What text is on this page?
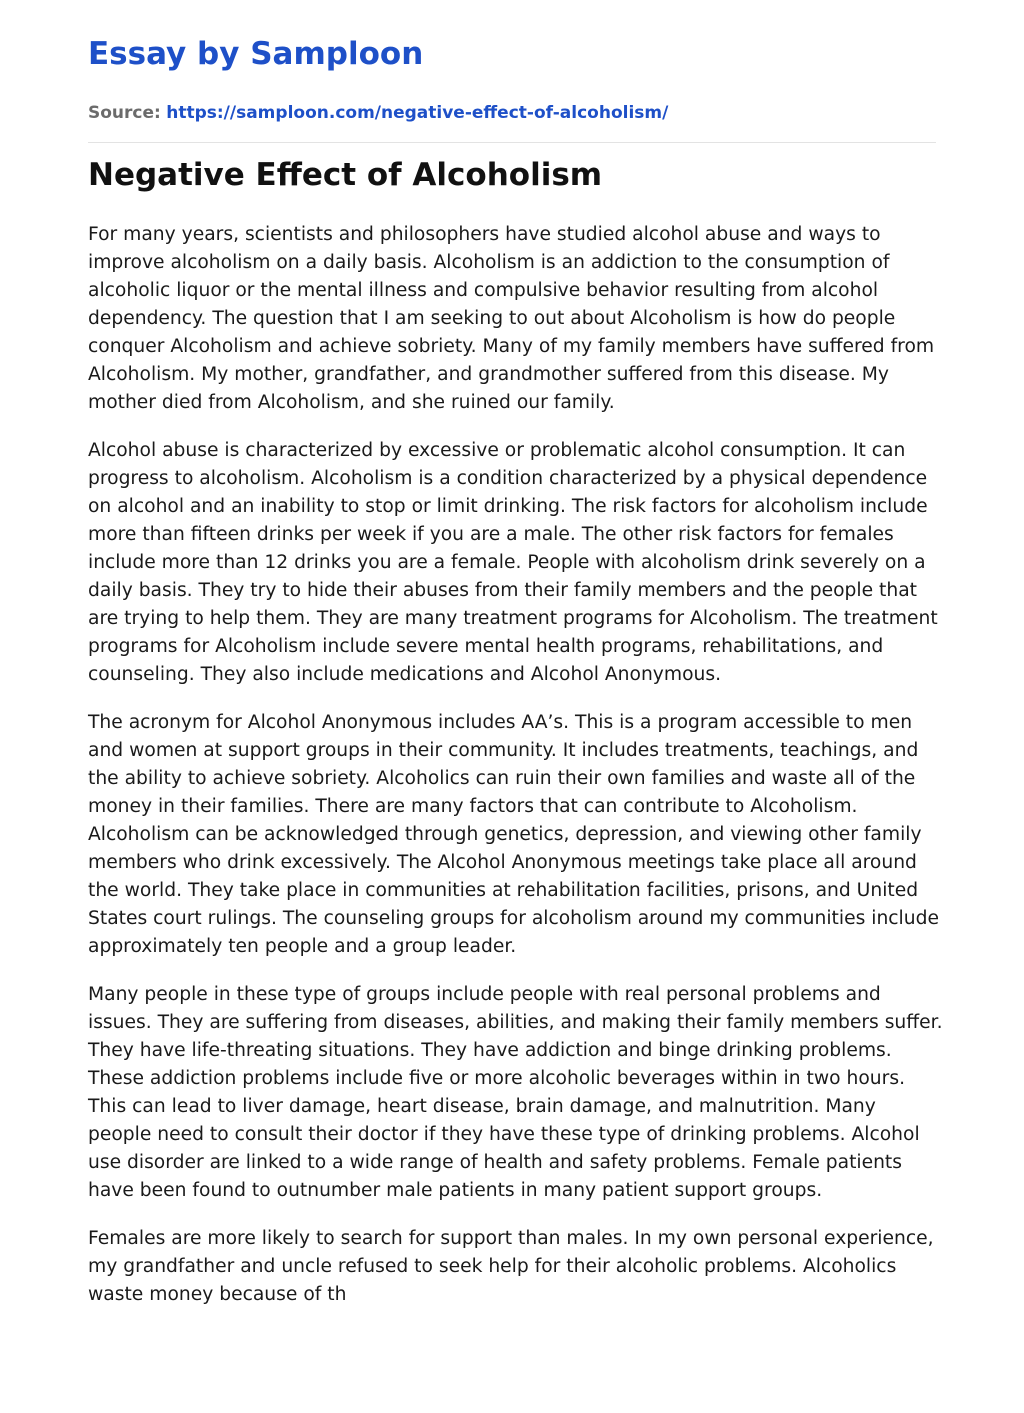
Essay by Samploon
Source: https://samploon.com/negative-effect-of-alcoholism/
Negative Effect of Alcoholism

For many years, scientists and philosophers have studied alcohol abuse and ways to improve alcoholism on a daily basis. Alcoholism is an addiction to the consumption of alcoholic liquor or the mental illness and compulsive behavior resulting from alcohol dependency. The question that I am seeking to out about Alcoholism is how do people conquer Alcoholism and achieve sobriety. Many of my family members have suffered from Alcoholism. My mother, grandfather, and grandmother suffered from this disease. My mother died from Alcoholism, and she ruined our family.

Alcohol abuse is characterized by excessive or problematic alcohol consumption. It can progress to alcoholism. Alcoholism is a condition characterized by a physical dependence on alcohol and an inability to stop or limit drinking. The risk factors for alcoholism include more than fifteen drinks per week if you are a male. The other risk factors for females include more than 12 drinks you are a female. People with alcoholism drink severely on a daily basis. They try to hide their abuses from their family members and the people that are trying to help them. They are many treatment programs for Alcoholism. The treatment programs for Alcoholism include severe mental health programs, rehabilitations, and counseling. They also include medications and Alcohol Anonymous.

The acronym for Alcohol Anonymous includes AA’s. This is a program accessible to men and women at support groups in their community. It includes treatments, teachings, and the ability to achieve sobriety. Alcoholics can ruin their own families and waste all of the money in their families. There are many factors that can contribute to Alcoholism. Alcoholism can be acknowledged through genetics, depression, and viewing other family members who drink excessively. The Alcohol Anonymous meetings take place all around the world. They take place in communities at rehabilitation facilities, prisons, and United States court rulings. The counseling groups for alcoholism around my communities include approximately ten people and a group leader.

Many people in these type of groups include people with real personal problems and issues. They are suffering from diseases, abilities, and making their family members suffer. They have life-threating situations. They have addiction and binge drinking problems. These addiction problems include five or more alcoholic beverages within in two hours. This can lead to liver damage, heart disease, brain damage, and malnutrition. Many people need to consult their doctor if they have these type of drinking problems. Alcohol use disorder are linked to a wide range of health and safety problems. Female patients have been found to outnumber male patients in many patient support groups.

Females are more likely to search for support than males. In my own personal experience, my grandfather and uncle refused to seek help for their alcoholic problems. Alcoholics waste money because of th
